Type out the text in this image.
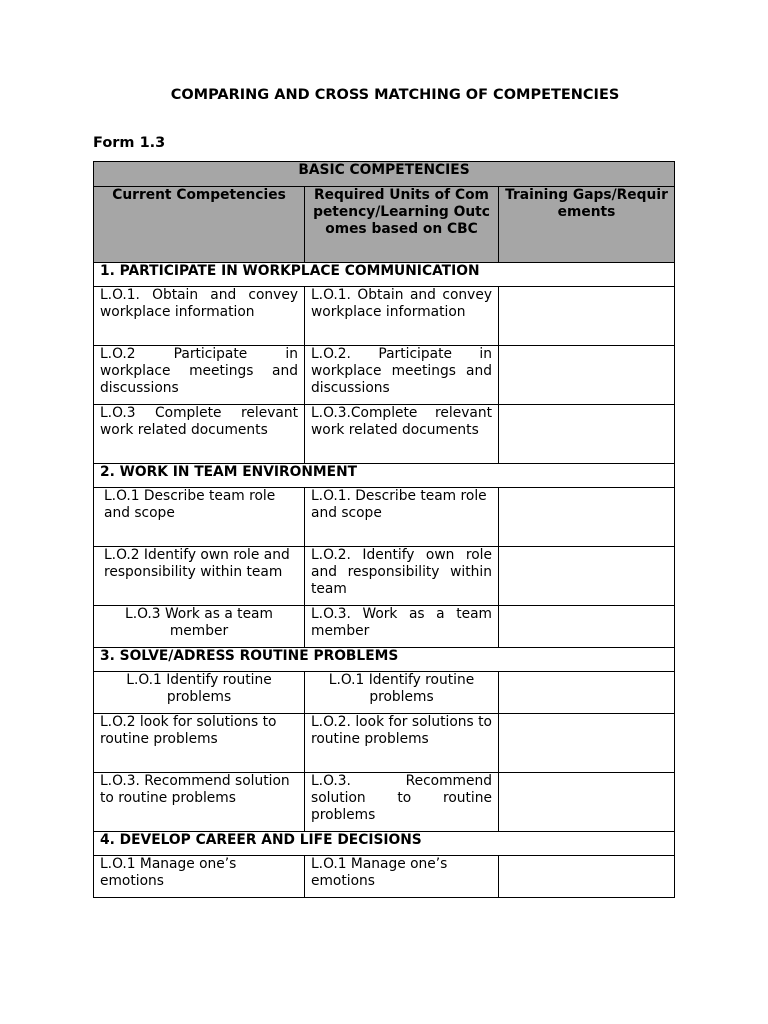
COMPARING AND CROSS MATCHING OF COMPETENCIES
Form 1.3
BASIC COMPETENCIES		
Current Competencies	Required Units of Competency/Learning Outcomes based on CBC	Training Gaps/Requirements
1. PARTICIPATE IN WORKPLACE COMMUNICATION		
L.O.1. Obtain and convey workplace information	L.O.1. Obtain and convey workplace information	
L.O.2 Participate in workplace meetings and discussions	L.O.2. Participate in workplace meetings and discussions	
L.O.3 Complete relevant work related documents	L.O.3.Complete relevant work related documents	
2. WORK IN TEAM ENVIRONMENT		
L.O.1 Describe team role and scope	L.O.1. Describe team role and scope	
L.O.2 Identify own role and responsibility within team	L.O.2. Identify own role and responsibility within team	
L.O.3 Work as a team member	L.O.3. Work as a team member	
3. SOLVE/ADRESS ROUTINE PROBLEMS		
L.O.1 Identify routine problems	L.O.1 Identify routine problems	
L.O.2 look for solutions to routine problems	L.O.2. look for solutions to routine problems	
L.O.3. Recommend solution to routine problems	L.O.3. Recommend solution to routine problems	
4. DEVELOP CAREER AND LIFE DECISIONS		
L.O.1 Manage one’s emotions	L.O.1 Manage one’s emotions	
